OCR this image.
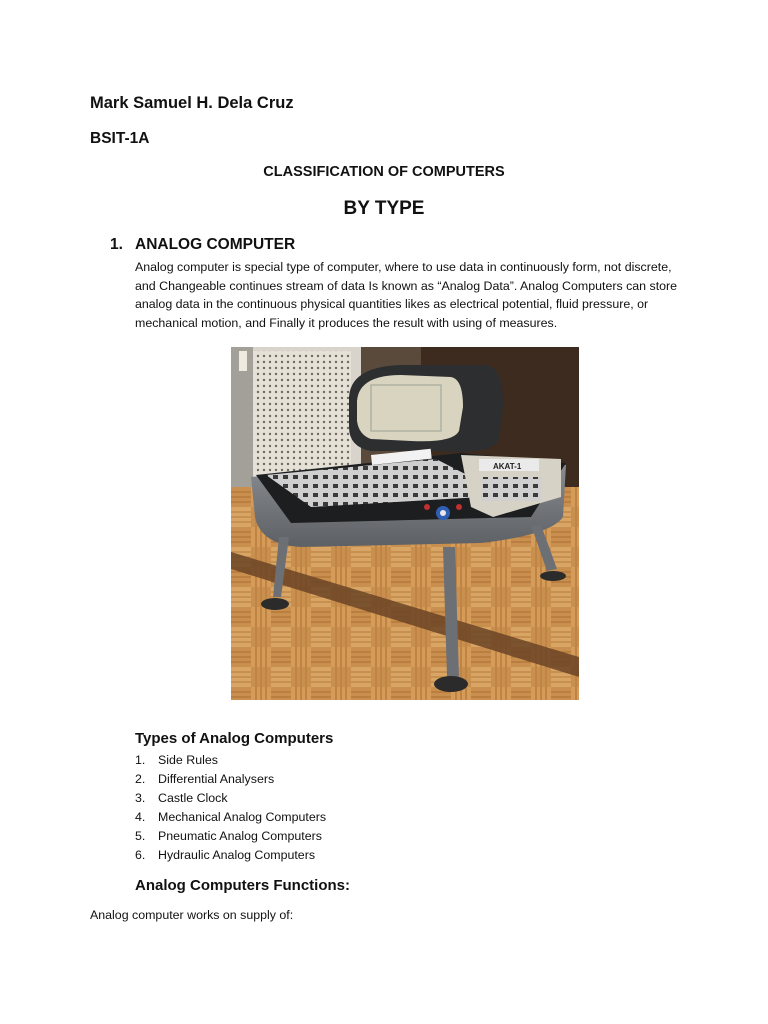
Mark Samuel H. Dela Cruz
BSIT-1A
CLASSIFICATION OF COMPUTERS
BY TYPE
1. ANALOG COMPUTER
Analog computer is special type of computer, where to use data in continuously form, not discrete, and Changeable continues stream of data Is known as “Analog Data”. Analog Computers can store analog data in the continuous physical quantities likes as electrical potential, fluid pressure, or mechanical motion, and Finally it produces the result with using of measures.
AKAT-1
Types of Analog Computers
1.	Side Rules
2.	Differential Analysers
3.	Castle Clock
4.	Mechanical Analog Computers
5.	Pneumatic Analog Computers
6.	Hydraulic Analog Computers
Analog Computers Functions:
Analog computer works on supply of:
